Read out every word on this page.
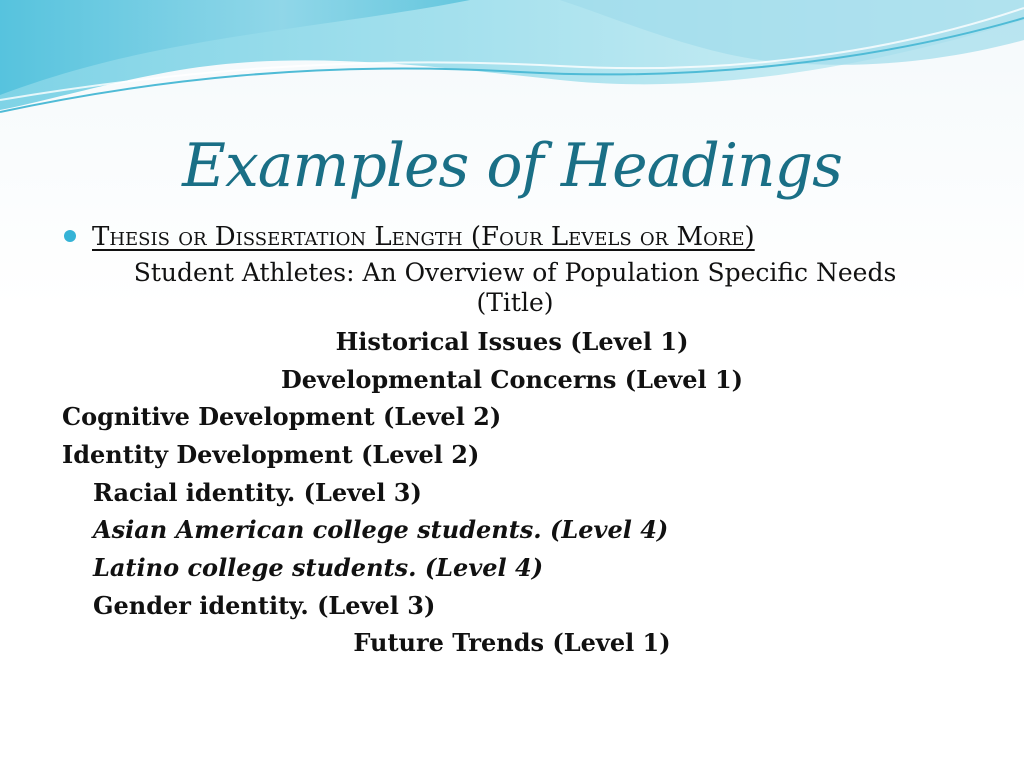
Examples of Headings
Thesis or Dissertation Length (Four Levels or More)
Student Athletes: An Overview of Population Specific Needs (Title)
Historical Issues (Level 1)
Developmental Concerns (Level 1)
Cognitive Development (Level 2)
Identity Development (Level 2)
Racial identity. (Level 3)
Asian American college students. (Level 4)
Latino college students. (Level 4)
Gender identity. (Level 3)
Future Trends (Level 1)
